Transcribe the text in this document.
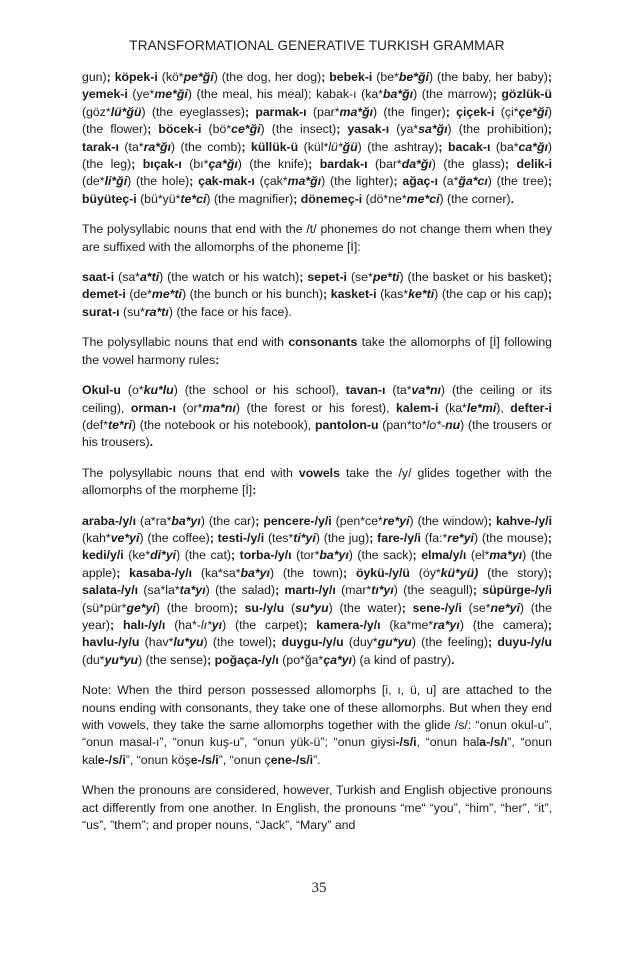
TRANSFORMATIONAL GENERATIVE TURKISH GRAMMAR
gun); köpek-i (kö*pe*ği) (the dog, her dog); bebek-i (be*be*ği) (the baby, her baby); yemek-i (ye*me*ği) (the meal, his meal); kabak-ı (ka*ba*ğı) (the marrow); gözlük-ü (göz*lü*ğü) (the eyeglasses); parmak-ı (par*ma*ğı) (the finger); çiçek-i (çi*çe*ği) (the flower); böcek-i (bö*ce*ği) (the insect); yasak-ı (ya*sa*ğı) (the prohibition); tarak-ı (ta*ra*ğı) (the comb); küllük-ü (kül*lü*ğü) (the ashtray); bacak-ı (ba*ca*ğı) (the leg); bıçak-ı (bı*ça*ğı) (the knife); bardak-ı (bar*da*ğı) (the glass); delik-i (de*li*ği) (the hole); çak-mak-ı (çak*ma*ğı) (the lighter); ağaç-ı (a*ğa*cı) (the tree); büyüteç-i (bü*yü*te*ci) (the magnifier); dönemeç-i (dö*ne*me*ci) (the corner).
The polysyllabic nouns that end with the /t/ phonemes do not change them when they are suffixed with the allomorphs of the phoneme [İ]:
saat-i (sa*a*ti) (the watch or his watch); sepet-i (se*pe*ti) (the basket or his basket); demet-i (de*me*ti) (the bunch or his bunch); kasket-i (kas*ke*ti) (the cap or his cap); surat-ı (su*ra*tı) (the face or his face).
The polysyllabic nouns that end with consonants take the allomorphs of [İ] following the vowel harmony rules:
Okul-u (o*ku*lu) (the school or his school), tavan-ı (ta*va*nı) (the ceiling or its ceiling), orman-ı (or*ma*nı) (the forest or his forest), kalem-i (ka*le*mi), defter-i (def*te*ri) (the notebook or his notebook), pantolon-u (pan*to*lo*-nu) (the trousers or his trousers).
The polysyllabic nouns that end with vowels take the /y/ glides together with the allomorphs of the morpheme [İ]:
araba-/y/ı (a*ra*ba*yı) (the car); pencere-/y/i (pen*ce*re*yi) (the window); kahve-/y/i (kah*ve*yi) (the coffee); testi-/y/i (tes*ti*yi) (the jug); fare-/y/i (fa:*re*yi) (the mouse); kedi/y/i (ke*di*yi) (the cat); torba-/y/ı (tor*ba*yı) (the sack); elma/y/ı (el*ma*yı) (the apple); kasaba-/y/ı (ka*sa*ba*yı) (the town); öykü-/y/ü (öy*kü*yü) (the story); salata-/y/ı (sa*la*ta*yı) (the salad); martı-/y/ı (mar*tı*yı) (the seagull); süpürge-/y/i (sü*pür*ge*yi) (the broom); su-/y/u (su*yu) (the water); sene-/y/i (se*ne*yi) (the year); halı-/y/ı (ha*-lı*yı) (the carpet); kamera-/y/ı (ka*me*ra*yı) (the camera); havlu-/y/u (hav*lu*yu) (the towel); duygu-/y/u (duy*gu*yu) (the feeling); duyu-/y/u (du*yu*yu) (the sense); poğaça-/y/ı (po*ğa*ça*yı) (a kind of pastry).
Note: When the third person possessed allomorphs [i, ı, ü, u] are attached to the nouns ending with consonants, they take one of these allomorphs. But when they end with vowels, they take the same allomorphs together with the glide /s/: “onun okul-u”, “onun masal-ı”, “onun kuş-u”, “onun yük-ü”; “onun giysi-/s/i, “onun hala-/s/ı”, “onun kale-/s/i”, “onun köşe-/s/i”, “onun çene-/s/i”.
When the pronouns are considered, however, Turkish and English objective pronouns act differently from one another. In English, the pronouns “me“ “you”, “him”, “her”, “it”, “us”, ”them”; and proper nouns, “Jack”, “Mary” and
35
